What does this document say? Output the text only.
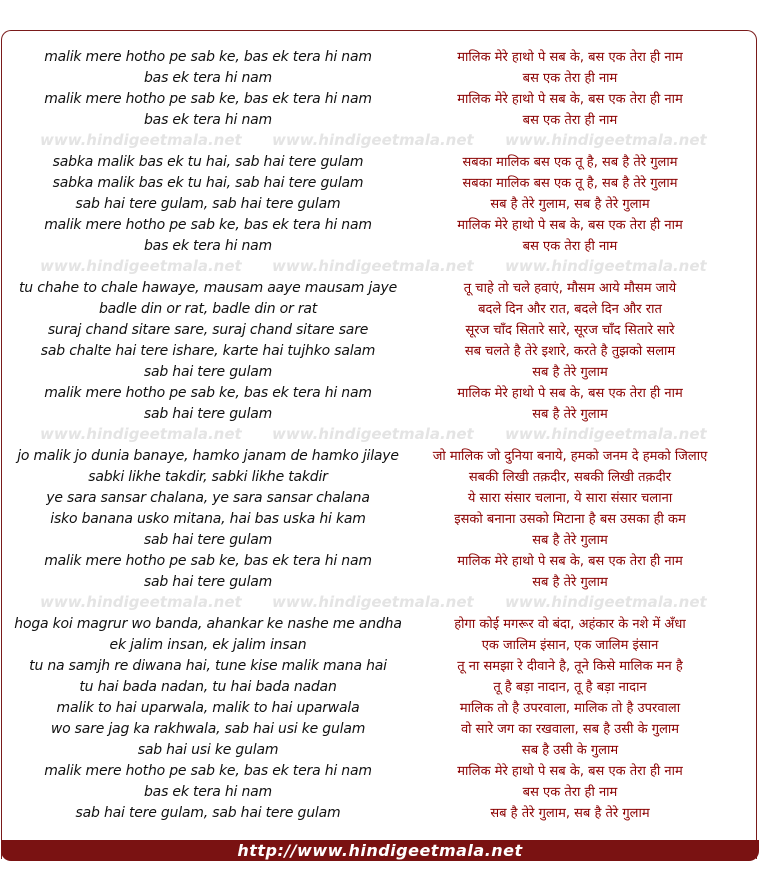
malik mere hotho pe sab ke, bas ek tera hi nam
bas ek tera hi nam
malik mere hotho pe sab ke, bas ek tera hi nam
bas ek tera hi nam
sabka malik bas ek tu hai, sab hai tere gulam
sabka malik bas ek tu hai, sab hai tere gulam
sab hai tere gulam, sab hai tere gulam
malik mere hotho pe sab ke, bas ek tera hi nam
bas ek tera hi nam
tu chahe to chale hawaye, mausam aaye mausam jaye
badle din or rat, badle din or rat
suraj chand sitare sare, suraj chand sitare sare
sab chalte hai tere ishare, karte hai tujhko salam
sab hai tere gulam
malik mere hotho pe sab ke, bas ek tera hi nam
sab hai tere gulam
jo malik jo dunia banaye, hamko janam de hamko jilaye
sabki likhe takdir, sabki likhe takdir
ye sara sansar chalana, ye sara sansar chalana
isko banana usko mitana, hai bas uska hi kam
sab hai tere gulam
malik mere hotho pe sab ke, bas ek tera hi nam
sab hai tere gulam
hoga koi magrur wo banda, ahankar ke nashe me andha
ek jalim insan, ek jalim insan
tu na samjh re diwana hai, tune kise malik mana hai
tu hai bada nadan, tu hai bada nadan
malik to hai uparwala, malik to hai uparwala
wo sare jag ka rakhwala, sab hai usi ke gulam
sab hai usi ke gulam
malik mere hotho pe sab ke, bas ek tera hi nam
bas ek tera hi nam
sab hai tere gulam, sab hai tere gulam
मालिक मेरे हाथो पे सब के, बस एक तेरा ही नाम
बस एक तेरा ही नाम
मालिक मेरे हाथो पे सब के, बस एक तेरा ही नाम
बस एक तेरा ही नाम
सबका मालिक बस एक तू है, सब है तेरे गुलाम
सबका मालिक बस एक तू है, सब है तेरे गुलाम
सब है तेरे गुलाम, सब है तेरे गुलाम
मालिक मेरे हाथो पे सब के, बस एक तेरा ही नाम
बस एक तेरा ही नाम
तू चाहे तो चले हवाएं, मौसम आये मौसम जाये
बदले दिन और रात, बदले दिन और रात
सूरज चाँद सितारे सारे, सूरज चाँद सितारे सारे
सब चलते है तेरे इशारे, करते है तुझको सलाम
सब है तेरे गुलाम
मालिक मेरे हाथो पे सब के, बस एक तेरा ही नाम
सब है तेरे गुलाम
जो मालिक जो दुनिया बनाये, हमको जनम दे हमको जिलाए
सबकी लिखी तक़दीर, सबकी लिखी तक़दीर
ये सारा संसार चलाना, ये सारा संसार चलाना
इसको बनाना उसको मिटाना है बस उसका ही कम
सब है तेरे गुलाम
मालिक मेरे हाथो पे सब के, बस एक तेरा ही नाम
सब है तेरे गुलाम
होगा कोई मगरूर वो बंदा, अहंकार के नशे में अँधा
एक जालिम इंसान, एक जालिम इंसान
तू ना समझा रे दीवाने है, तूने किसे मालिक मन है
तू है बड़ा नादान, तू है बड़ा नादान
मालिक तो है उपरवाला, मालिक तो है उपरवाला
वो सारे जग का रखवाला, सब है उसी के गुलाम
सब है उसी के गुलाम
मालिक मेरे हाथो पे सब के, बस एक तेरा ही नाम
बस एक तेरा ही नाम
सब है तेरे गुलाम, सब है तेरे गुलाम
www.hindigeetmala.net www.hindigeetmala.net www.hindigeetmala.net
www.hindigeetmala.net www.hindigeetmala.net www.hindigeetmala.net
www.hindigeetmala.net www.hindigeetmala.net www.hindigeetmala.net
www.hindigeetmala.net www.hindigeetmala.net www.hindigeetmala.net
http://www.hindigeetmala.net
